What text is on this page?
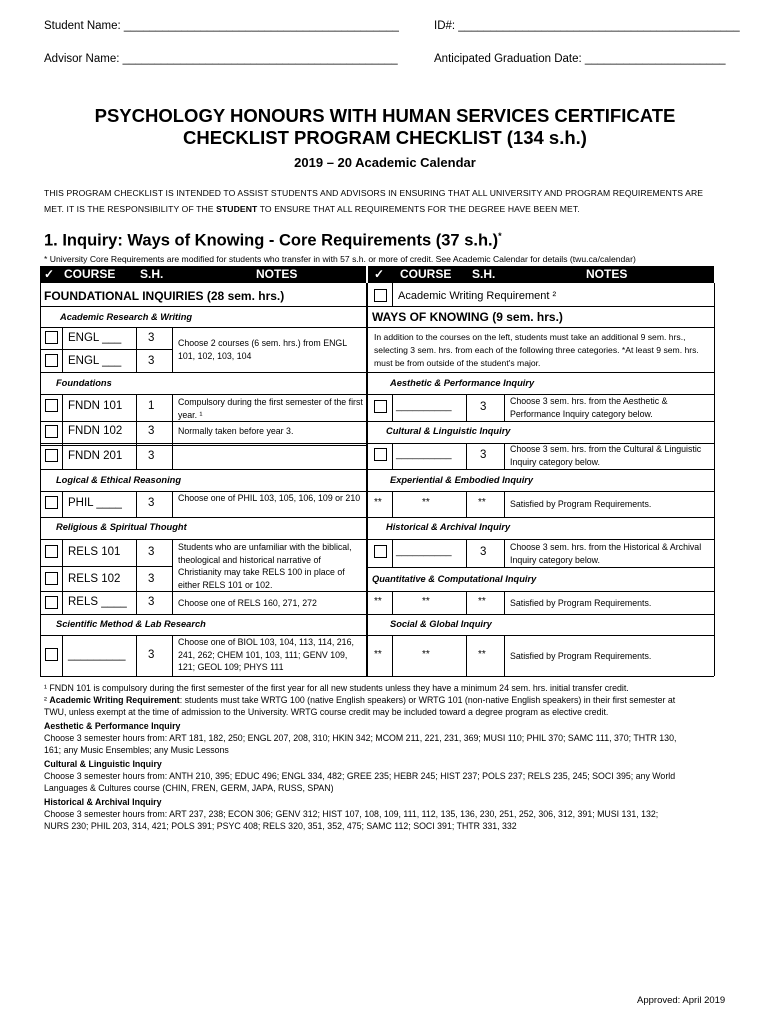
Student Name: ___________________________________________	ID#: ____________________________________________
Advisor Name: ___________________________________________	Anticipated Graduation Date: ______________________
PSYCHOLOGY HONOURS WITH HUMAN SERVICES CERTIFICATE
CHECKLIST PROGRAM CHECKLIST (134 s.h.)
2019 – 20 Academic Calendar
THIS PROGRAM CHECKLIST IS INTENDED TO ASSIST STUDENTS AND ADVISORS IN ENSURING THAT ALL UNIVERSITY AND PROGRAM REQUIREMENTS ARE
MET. IT IS THE RESPONSIBILITY OF THE STUDENT TO ENSURE THAT ALL REQUIREMENTS FOR THE DEGREE HAVE BEEN MET.
1. Inquiry: Ways of Knowing - Core Requirements (37 s.h.)*
* University Core Requirements are modified for students who transfer in with 57 s.h. or more of credit. See Academic Calendar for details (twu.ca/calendar)
✓ COURSE S.H.	NOTES	✓ COURSE S.H.	NOTES
FOUNDATIONAL INQUIRIES (28 sem. hrs.)
Academic Research & Writing
ENGL ___ 3
ENGL ___ 3
Choose 2 courses (6 sem. hrs.) from ENGL 101, 102, 103, 104
Foundations
FNDN 101 1	Compulsory during the first semester of the first year. ¹
FNDN 102 3	Normally taken before year 3.
FNDN 201 3
Logical & Ethical Reasoning
PHIL ____ 3	Choose one of PHIL 103, 105, 106, 109 or 210
Religious & Spiritual Thought
RELS 101 3
RELS 102 3
Students who are unfamiliar with the biblical, theological and historical narrative of Christianity may take RELS 100 in place of either RELS 101 or 102.
RELS ____ 3	Choose one of RELS 160, 271, 272
Scientific Method & Lab Research
_________ 3
Choose one of BIOL 103, 104, 113, 114, 216, 241, 262; CHEM 101, 103, 111; GENV 109, 121; GEOL 109; PHYS 111
Academic Writing Requirement ²
WAYS OF KNOWING (9 sem. hrs.)
In addition to the courses on the left, students must take an additional 9 sem. hrs., selecting 3 sem. hrs. from each of the following three categories. *At least 9 sem. hrs. must be from outside of the student's major.
Aesthetic & Performance Inquiry
__________ 3	Choose 3 sem. hrs. from the Aesthetic & Performance Inquiry category below.
Cultural & Linguistic Inquiry
__________ 3	Choose 3 sem. hrs. from the Cultural & Linguistic Inquiry category below.
Experiential & Embodied Inquiry
**	**	**	Satisfied by Program Requirements.
Historical & Archival Inquiry
__________ 3	Choose 3 sem. hrs. from the Historical & Archival Inquiry category below.
Quantitative & Computational Inquiry
**	**	**	Satisfied by Program Requirements.
Social & Global Inquiry
**	**	**	Satisfied by Program Requirements.
¹ FNDN 101 is compulsory during the first semester of the first year for all new students unless they have a minimum 24 sem. hrs. initial transfer credit.
² Academic Writing Requirement: students must take WRTG 100 (native English speakers) or WRTG 101 (non-native English speakers) in their first semester at
TWU, unless exempt at the time of admission to the University. WRTG course credit may be included toward a degree program as elective credit.
Aesthetic & Performance Inquiry
Choose 3 semester hours from: ART 181, 182, 250; ENGL 207, 208, 310; HKIN 342; MCOM 211, 221, 231, 369; MUSI 110; PHIL 370; SAMC 111, 370; THTR 130,
161; any Music Ensembles; any Music Lessons
Cultural & Linguistic Inquiry
Choose 3 semester hours from: ANTH 210, 395; EDUC 496; ENGL 334, 482; GREE 235; HEBR 245; HIST 237; POLS 237; RELS 235, 245; SOCI 395; any World
Languages & Cultures course (CHIN, FREN, GERM, JAPA, RUSS, SPAN)
Historical & Archival Inquiry
Choose 3 semester hours from: ART 237, 238; ECON 306; GENV 312; HIST 107, 108, 109, 111, 112, 135, 136, 230, 251, 252, 306, 312, 391; MUSI 131, 132;
NURS 230; PHIL 203, 314, 421; POLS 391; PSYC 408; RELS 320, 351, 352, 475; SAMC 112; SOCI 391; THTR 331, 332
Approved: April 2019
